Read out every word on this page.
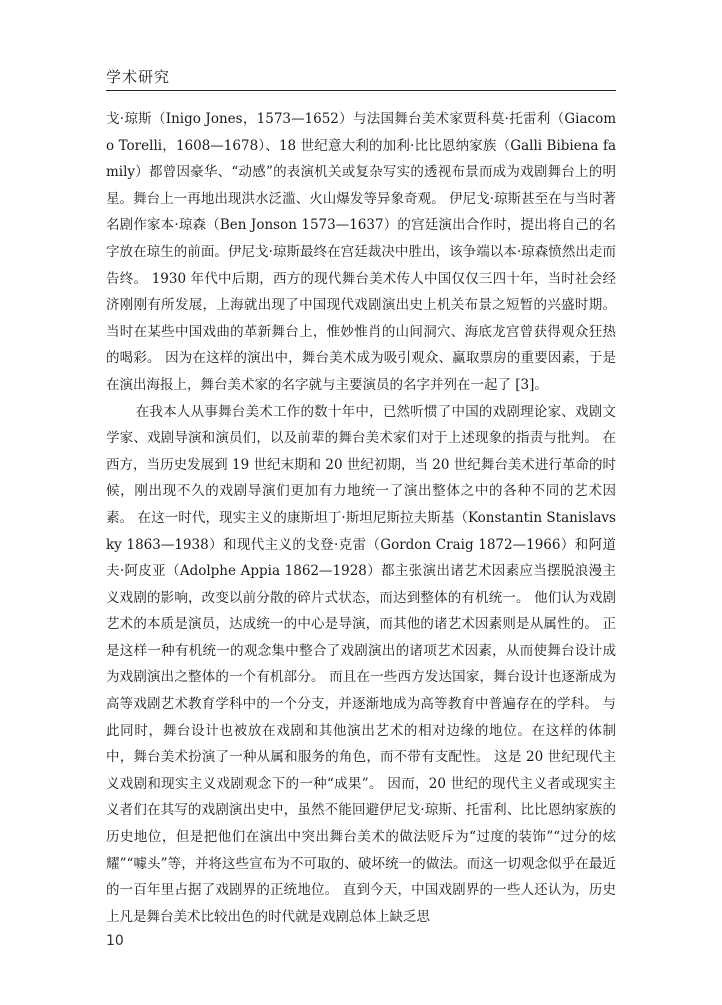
学术研究

戈·琼斯（Inigo Jones，1573—1652）与法国舞台美术家贾科莫·托雷利（Giacomo Torelli，1608—1678）、18 世纪意大利的加利·比比恩纳家族（Galli Bibiena family）都曾因豪华、“动感”的表演机关或复杂写实的透视布景而成为戏剧舞台上的明星。舞台上一再地出现洪水泛滥、火山爆发等异象奇观。 伊尼戈·琼斯甚至在与当时著名剧作家本·琼森（Ben Jonson 1573—1637）的宫廷演出合作时，提出将自己的名字放在琼生的前面。伊尼戈·琼斯最终在宫廷裁决中胜出，该争端以本·琼森愤然出走而告终。 1930 年代中后期，西方的现代舞台美术传人中国仅仅三四十年，当时社会经济刚刚有所发展，上海就出现了中国现代戏剧演出史上机关布景之短暂的兴盛时期。 当时在某些中国戏曲的革新舞台上，惟妙惟肖的山间洞穴、海底龙宫曾获得观众狂热的喝彩。 因为在这样的演出中，舞台美术成为吸引观众、赢取票房的重要因素，于是在演出海报上，舞台美术家的名字就与主要演员的名字并列在一起了 [3]。

在我本人从事舞台美术工作的数十年中，已然听惯了中国的戏剧理论家、戏剧文学家、戏剧导演和演员们，以及前辈的舞台美术家们对于上述现象的指责与批判。 在西方，当历史发展到 19 世纪末期和 20 世纪初期，当 20 世纪舞台美术进行革命的时候，刚出现不久的戏剧导演们更加有力地统一了演出整体之中的各种不同的艺术因素。 在这一时代，现实主义的康斯坦丁·斯坦尼斯拉夫斯基（Konstantin Stanislavsky 1863—1938）和现代主义的戈登·克雷（Gordon Craig 1872—1966）和阿道夫·阿皮亚（Adolphe Appia 1862—1928）都主张演出诸艺术因素应当摆脱浪漫主义戏剧的影响，改变以前分散的碎片式状态，而达到整体的有机统一。 他们认为戏剧艺术的本质是演员，达成统一的中心是导演，而其他的诸艺术因素则是从属性的。 正是这样一种有机统一的观念集中整合了戏剧演出的诸项艺术因素，从而使舞台设计成为戏剧演出之整体的一个有机部分。 而且在一些西方发达国家，舞台设计也逐渐成为高等戏剧艺术教育学科中的一个分支，并逐渐地成为高等教育中普遍存在的学科。 与此同时，舞台设计也被放在戏剧和其他演出艺术的相对边缘的地位。在这样的体制中，舞台美术扮演了一种从属和服务的角色，而不带有支配性。 这是 20 世纪现代主义戏剧和现实主义戏剧观念下的一种“成果”。 因而，20 世纪的现代主义者或现实主义者们在其写的戏剧演出史中，虽然不能回避伊尼戈·琼斯、托雷利、比比恩纳家族的历史地位，但是把他们在演出中突出舞台美术的做法贬斥为“过度的装饰”“过分的炫耀”“噱头”等，并将这些宣布为不可取的、破坏统一的做法。而这一切观念似乎在最近的一百年里占据了戏剧界的正统地位。 直到今天，中国戏剧界的一些人还认为，历史上凡是舞台美术比较出色的时代就是戏剧总体上缺乏思

10
